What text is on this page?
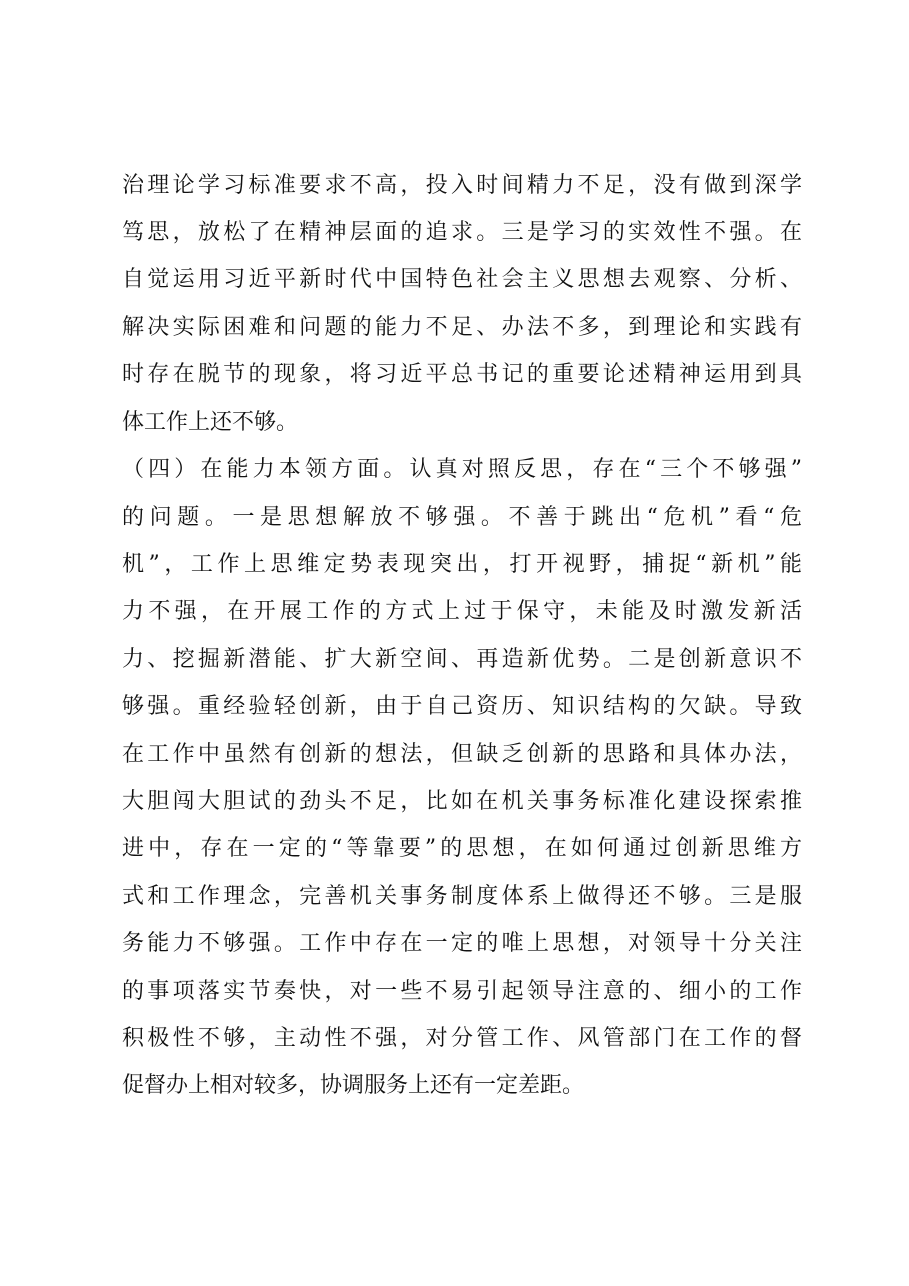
治理论学习标准要求不高，投入时间精力不足，没有做到深学
笃思，放松了在精神层面的追求。三是学习的实效性不强。在
自觉运用习近平新时代中国特色社会主义思想去观察、分析、
解决实际困难和问题的能力不足、办法不多，到理论和实践有
时存在脱节的现象，将习近平总书记的重要论述精神运用到具
体工作上还不够。
（四）在能力本领方面。认真对照反思，存在“三个不够强”
的问题。一是思想解放不够强。不善于跳出“危机”看“危
机”，工作上思维定势表现突出，打开视野，捕捉“新机”能
力不强，在开展工作的方式上过于保守，未能及时激发新活
力、挖掘新潜能、扩大新空间、再造新优势。二是创新意识不
够强。重经验轻创新，由于自己资历、知识结构的欠缺。导致
在工作中虽然有创新的想法，但缺乏创新的思路和具体办法，
大胆闯大胆试的劲头不足，比如在机关事务标准化建设探索推
进中，存在一定的“等靠要”的思想，在如何通过创新思维方
式和工作理念，完善机关事务制度体系上做得还不够。三是服
务能力不够强。工作中存在一定的唯上思想，对领导十分关注
的事项落实节奏快，对一些不易引起领导注意的、细小的工作
积极性不够，主动性不强，对分管工作、风管部门在工作的督
促督办上相对较多，协调服务上还有一定差距。
